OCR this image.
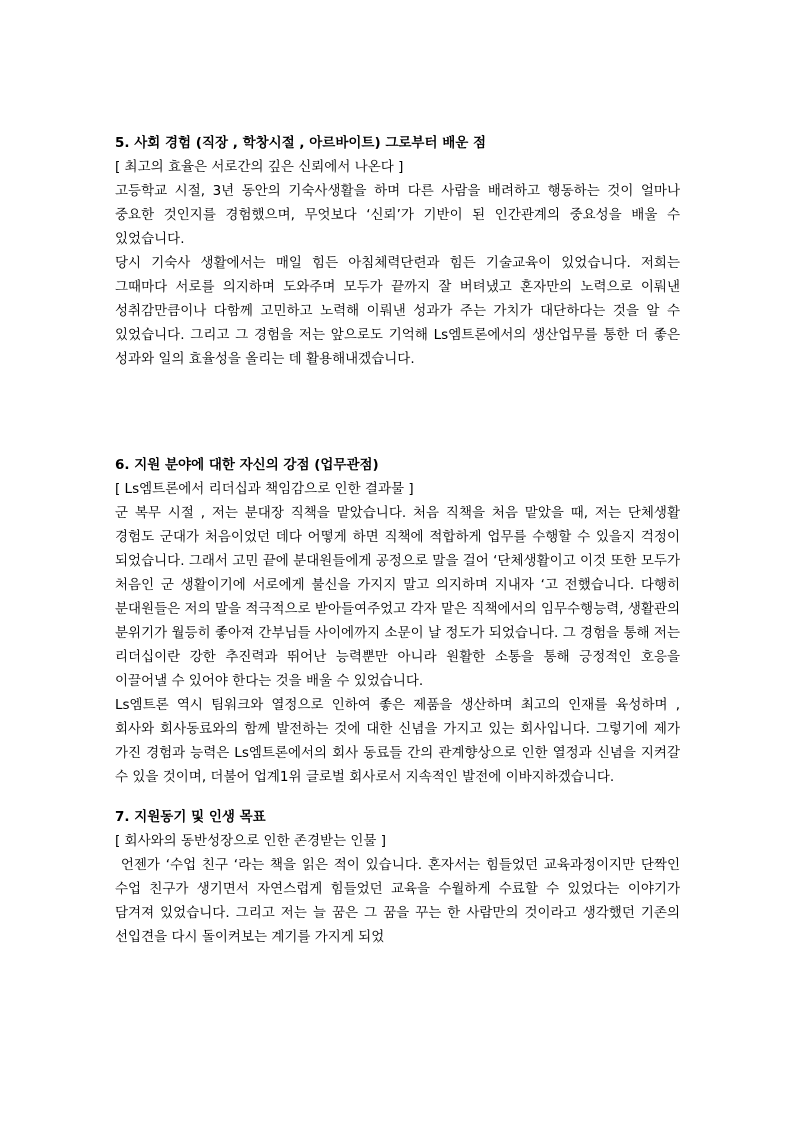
5. 사회 경험 (직장 , 학창시절 , 아르바이트) 그로부터 배운 점

[ 최고의 효율은 서로간의 깊은 신뢰에서 나온다 ]

고등학교 시절, 3년 동안의 기숙사생활을 하며 다른 사람을 배려하고 행동하는 것이 얼마나 중요한 것인지를 경험했으며, 무엇보다 ‘신뢰’가 기반이 된 인간관계의 중요성을 배울 수 있었습니다.

당시 기숙사 생활에서는 매일 힘든 아침체력단련과 힘든 기술교육이 있었습니다. 저희는 그때마다 서로를 의지하며 도와주며 모두가 끝까지 잘 버텨냈고 혼자만의 노력으로 이뤄낸 성취감만큼이나 다함께 고민하고 노력해 이뤄낸 성과가 주는 가치가 대단하다는 것을 알 수 있었습니다. 그리고 그 경험을 저는 앞으로도 기억해 Ls엠트론에서의 생산업무를 통한 더 좋은 성과와 일의 효율성을 올리는 데 활용해내겠습니다.

6. 지원 분야에 대한 자신의 강점 (업무관점)

[ Ls엠트론에서 리더십과 책임감으로 인한 결과물 ]

군 복무 시절 , 저는 분대장 직책을 맡았습니다. 처음 직책을 처음 맡았을 때, 저는 단체생활 경험도 군대가 처음이었던 데다 어떻게 하면 직책에 적합하게 업무를 수행할 수 있을지 걱정이 되었습니다. 그래서 고민 끝에 분대원들에게 공정으로 말을 걸어 ‘단체생활이고 이것 또한 모두가 처음인 군 생활이기에 서로에게 불신을 가지지 말고 의지하며 지내자 ‘고 전했습니다. 다행히 분대원들은 저의 말을 적극적으로 받아들여주었고 각자 맡은 직책에서의 임무수행능력, 생활관의 분위기가 월등히 좋아져 간부님들 사이에까지 소문이 날 정도가 되었습니다. 그 경험을 통해 저는 리더십이란 강한 추진력과 뛰어난 능력뿐만 아니라 원활한 소통을 통해 긍정적인 호응을 이끌어낼 수 있어야 한다는 것을 배울 수 있었습니다.

Ls엠트론 역시 팀워크와 열정으로 인하여 좋은 제품을 생산하며 최고의 인재를 육성하며 , 회사와 회사동료와의 함께 발전하는 것에 대한 신념을 가지고 있는 회사입니다. 그렇기에 제가 가진 경험과 능력은 Ls엠트론에서의 회사 동료들 간의 관계향상으로 인한 열정과 신념을 지켜갈 수 있을 것이며, 더불어 업계1위 글로벌 회사로서 지속적인 발전에 이바지하겠습니다.

7. 지원동기 및 인생 목표

[ 회사와의 동반성장으로 인한 존경받는 인물 ]

언젠가 ‘수업 친구 ‘라는 책을 읽은 적이 있습니다. 혼자서는 힘들었던 교육과정이지만 단짝인 수업 친구가 생기면서 자연스럽게 힘들었던 교육을 수월하게 수료할 수 있었다는 이야기가 담겨져 있었습니다. 그리고 저는 늘 꿈은 그 꿈을 꾸는 한 사람만의 것이라고 생각했던 기존의 선입견을 다시 돌이켜보는 계기를 가지게 되었
